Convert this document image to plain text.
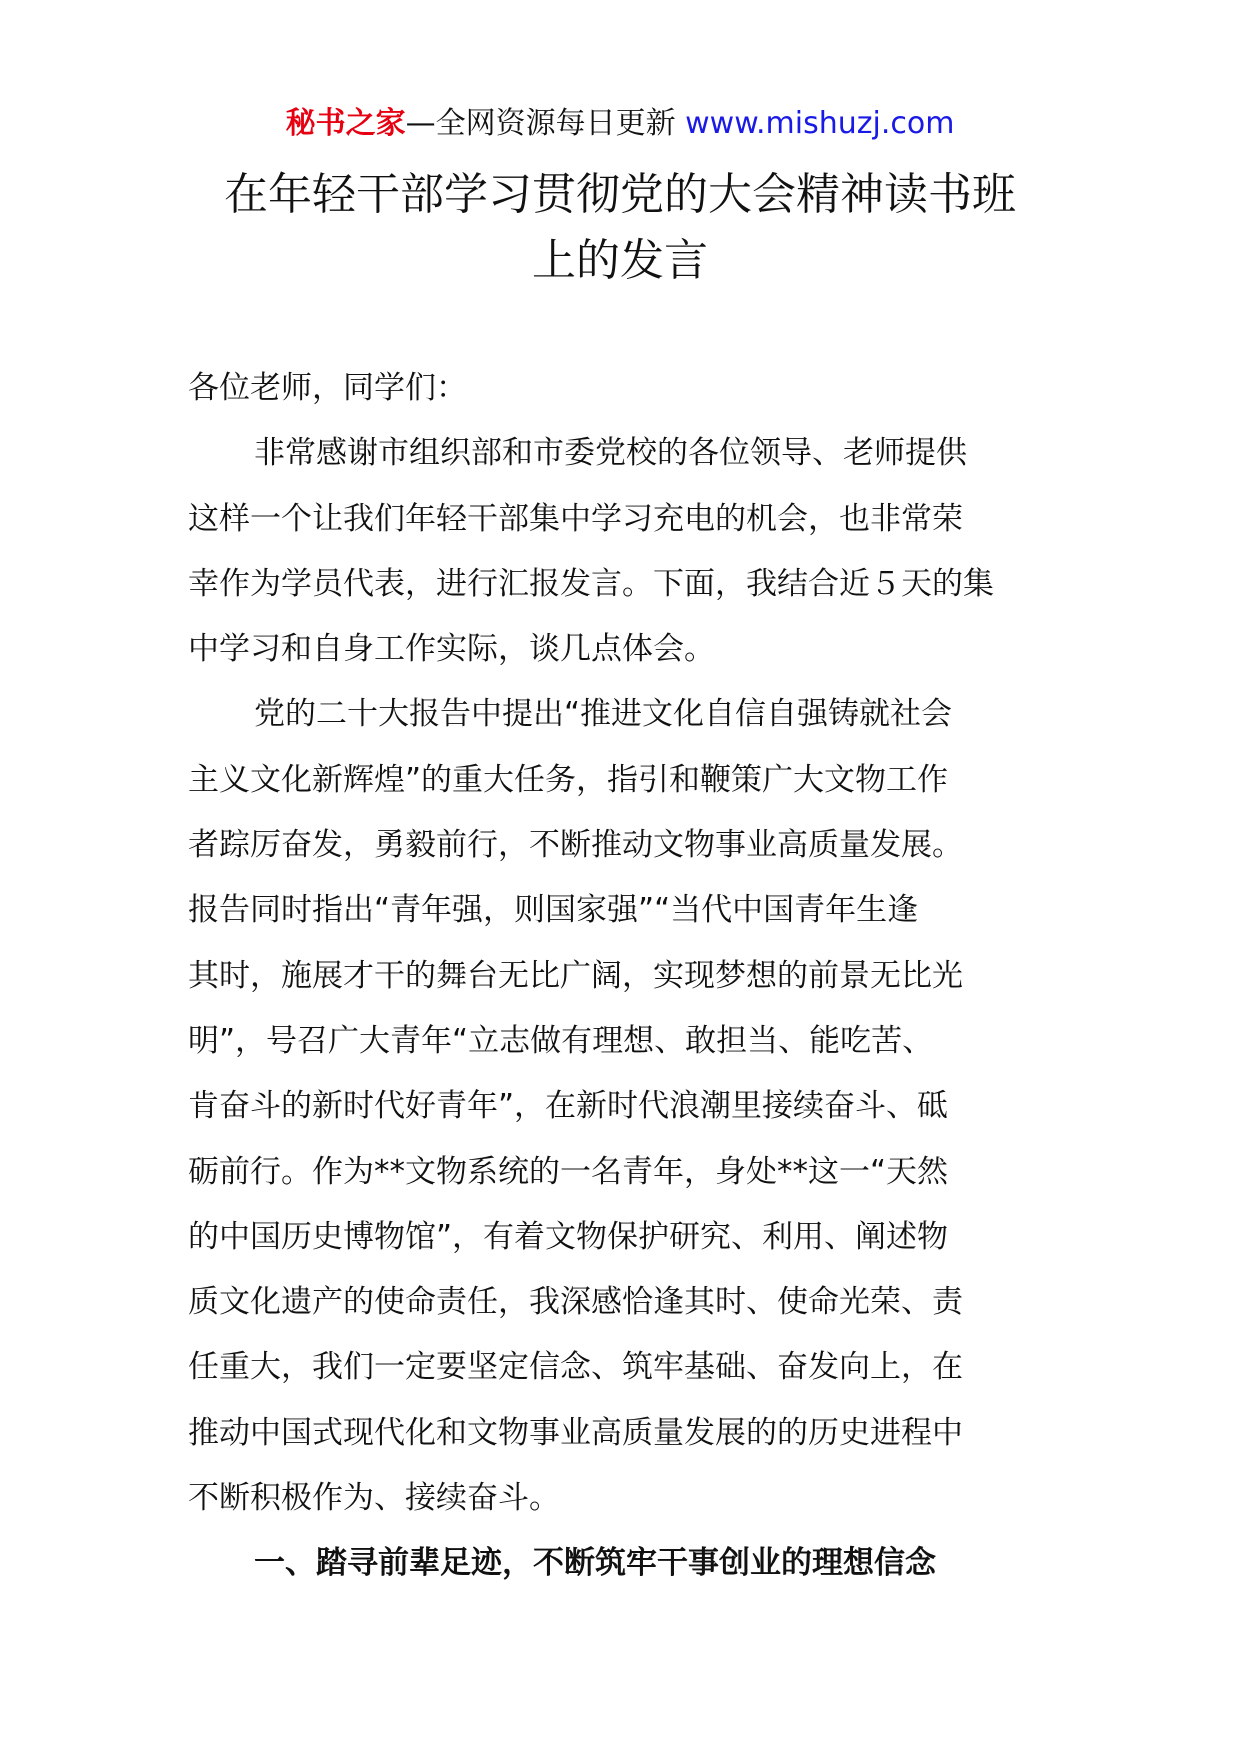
秘书之家—全网资源每日更新 www.mishuzj.com
在年轻干部学习贯彻党的大会精神读书班
上的发言
各位老师，同学们：
非常感谢市组织部和市委党校的各位领导、老师提供
这样一个让我们年轻干部集中学习充电的机会，也非常荣
幸作为学员代表，进行汇报发言。下面，我结合近５天的集
中学习和自身工作实际，谈几点体会。
党的二十大报告中提出“推进文化自信自强铸就社会
主义文化新辉煌”的重大任务，指引和鞭策广大文物工作
者踪厉奋发，勇毅前行，不断推动文物事业高质量发展。
报告同时指出“青年强，则国家强”“当代中国青年生逢
其时，施展才干的舞台无比广阔，实现梦想的前景无比光
明”，号召广大青年“立志做有理想、敢担当、能吃苦、
肯奋斗的新时代好青年”，在新时代浪潮里接续奋斗、砥
砺前行。作为**文物系统的一名青年，身处**这一“天然
的中国历史博物馆”，有着文物保护研究、利用、阐述物
质文化遗产的使命责任，我深感恰逢其时、使命光荣、责
任重大，我们一定要坚定信念、筑牢基础、奋发向上，在
推动中国式现代化和文物事业高质量发展的的历史进程中
不断积极作为、接续奋斗。
一、踏寻前辈足迹，不断筑牢干事创业的理想信念
